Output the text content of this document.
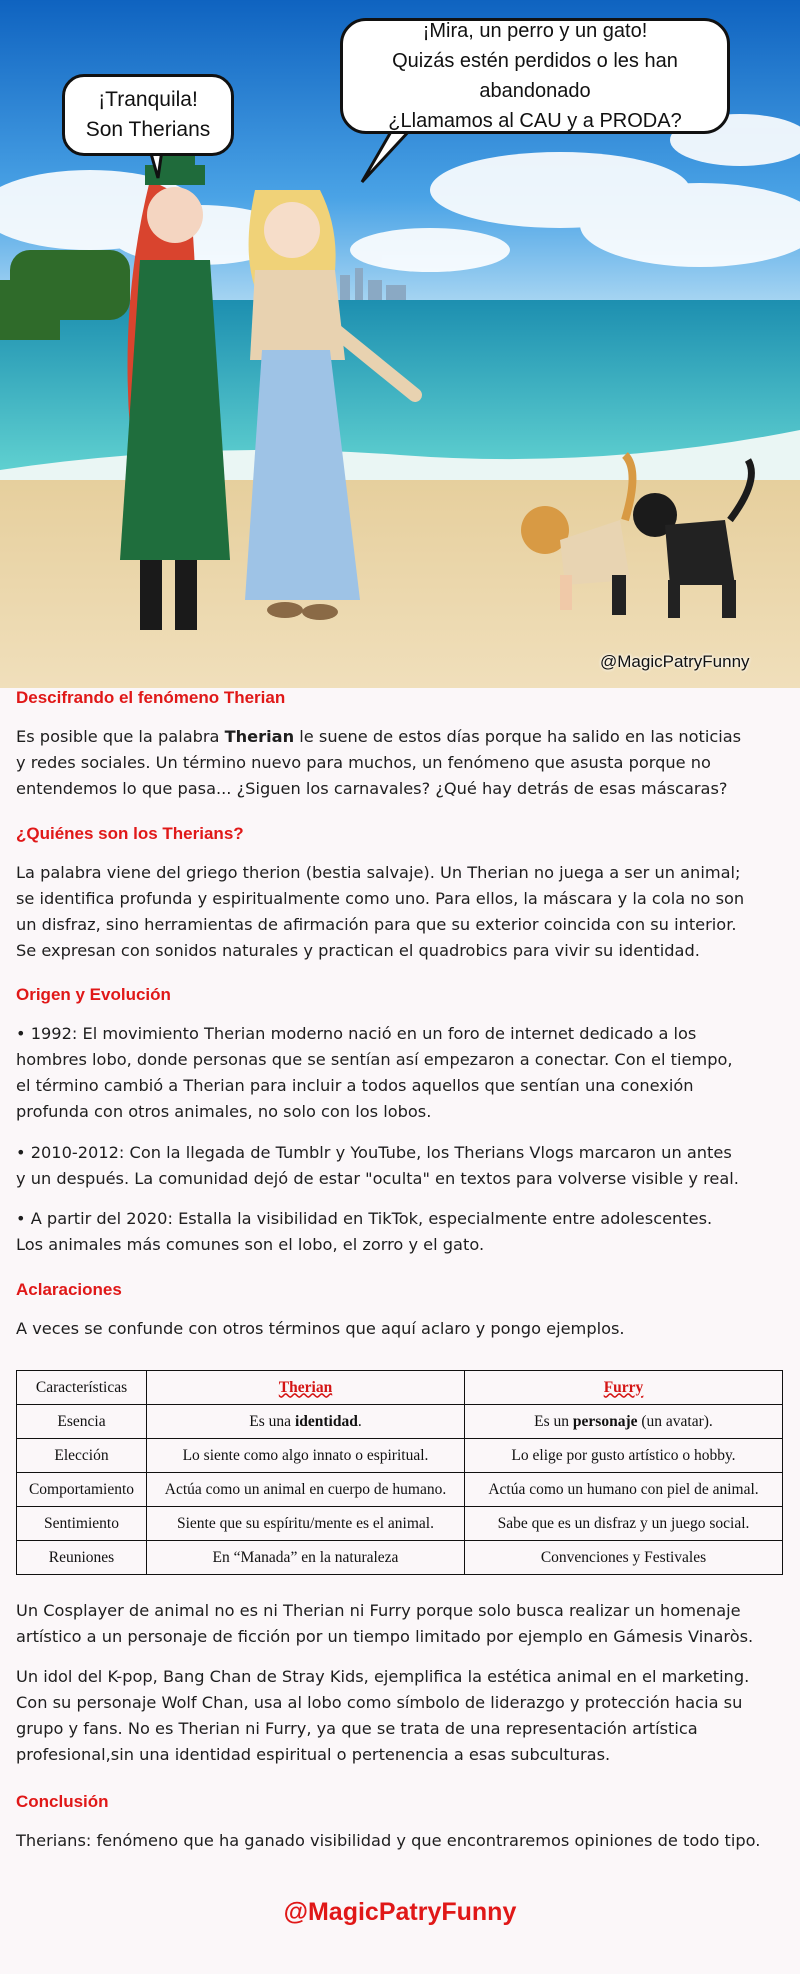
¡Tranquila!
Son Therians
¡Mira, un perro y un gato!
Quizás estén perdidos o les han abandonado
¿Llamamos al CAU y a PRODA?
@MagicPatryFunny
Descifrando el fenómeno Therian
Es posible que la palabra Therian le suene de estos días porque ha salido en las noticias
y redes sociales. Un término nuevo para muchos, un fenómeno que asusta porque no
entendemos lo que pasa... ¿Siguen los carnavales? ¿Qué hay detrás de esas máscaras?
¿Quiénes son los Therians?
La palabra viene del griego therion (bestia salvaje). Un Therian no juega a ser un animal;
se identifica profunda y espiritualmente como uno. Para ellos, la máscara y la cola no son
un disfraz, sino herramientas de afirmación para que su exterior coincida con su interior.
Se expresan con sonidos naturales y practican el quadrobics para vivir su identidad.
Origen y Evolución
• 1992: El movimiento Therian moderno nació en un foro de internet dedicado a los
hombres lobo, donde personas que se sentían así empezaron a conectar. Con el tiempo,
el término cambió a Therian para incluir a todos aquellos que sentían una conexión
profunda con otros animales, no solo con los lobos.
• 2010-2012: Con la llegada de Tumblr y YouTube, los Therians Vlogs marcaron un antes
y un después. La comunidad dejó de estar "oculta" en textos para volverse visible y real.
• A partir del 2020: Estalla la visibilidad en TikTok, especialmente entre adolescentes.
Los animales más comunes son el lobo, el zorro y el gato.
Aclaraciones
A veces se confunde con otros términos que aquí aclaro y pongo ejemplos.
Características	Therian	Furry
Esencia	Es una identidad.	Es un personaje (un avatar).
Elección	Lo siente como algo innato o espiritual.	Lo elige por gusto artístico o hobby.
Comportamiento	Actúa como un animal en cuerpo de humano.	Actúa como un humano con piel de animal.
Sentimiento	Siente que su espíritu/mente es el animal.	Sabe que es un disfraz y un juego social.
Reuniones	En “Manada” en la naturaleza	Convenciones y Festivales
Un Cosplayer de animal no es ni Therian ni Furry porque solo busca realizar un homenaje
artístico a un personaje de ficción por un tiempo limitado por ejemplo en Gámesis Vinaròs.
Un idol del K-pop, Bang Chan de Stray Kids, ejemplifica la estética animal en el marketing.
Con su personaje Wolf Chan, usa al lobo como símbolo de liderazgo y protección hacia su
grupo y fans. No es Therian ni Furry, ya que se trata de una representación artística
profesional,sin una identidad espiritual o pertenencia a esas subculturas.
Conclusión
Therians: fenómeno que ha ganado visibilidad y que encontraremos opiniones de todo tipo.
@MagicPatryFunny
